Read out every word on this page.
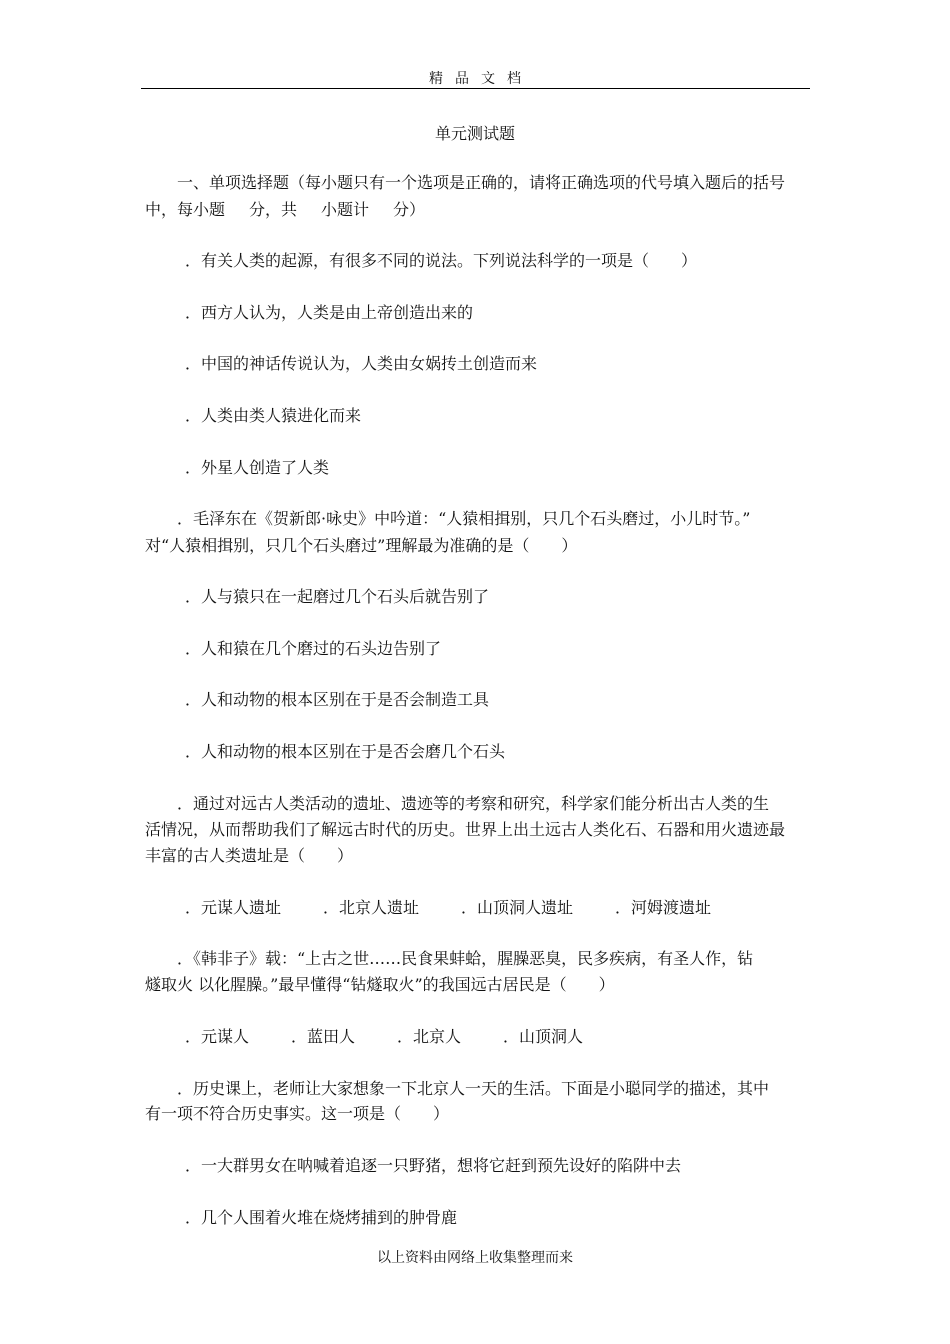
精品文档
单元测试题
一、单项选择题（每小题只有一个选项是正确的，请将正确选项的代号填入题后的括号
中，每小题 分，共 小题计 分）
．有关人类的起源，有很多不同的说法。下列说法科学的一项是（　　）
．西方人认为，人类是由上帝创造出来的
．中国的神话传说认为，人类由女娲抟土创造而来
．人类由类人猿进化而来
．外星人创造了人类
．毛泽东在《贺新郎·咏史》中吟道：“人猿相揖别，只几个石头磨过，小儿时节。”
对“人猿相揖别，只几个石头磨过”理解最为准确的是（　　）
．人与猿只在一起磨过几个石头后就告别了
．人和猿在几个磨过的石头边告别了
．人和动物的根本区别在于是否会制造工具
．人和动物的根本区别在于是否会磨几个石头
．通过对远古人类活动的遗址、遗迹等的考察和研究，科学家们能分析出古人类的生
活情况，从而帮助我们了解远古时代的历史。世界上出土远古人类化石、石器和用火遗迹最
丰富的古人类遗址是（　　）
．元谋人遗址	．北京人遗址	．山顶洞人遗址	．河姆渡遗址
．《韩非子》载：“上古之世……民食果蚌蛤，腥臊恶臭，民多疾病，有圣人作，钻
燧取火 以化腥臊。”最早懂得“钻燧取火”的我国远古居民是（　　）
．元谋人	．蓝田人	．北京人	．山顶洞人
．历史课上，老师让大家想象一下北京人一天的生活。下面是小聪同学的描述，其中
有一项不符合历史事实。这一项是（　　）
．一大群男女在呐喊着追逐一只野猪，想将它赶到预先设好的陷阱中去
．几个人围着火堆在烧烤捕到的肿骨鹿
以上资料由网络上收集整理而来
